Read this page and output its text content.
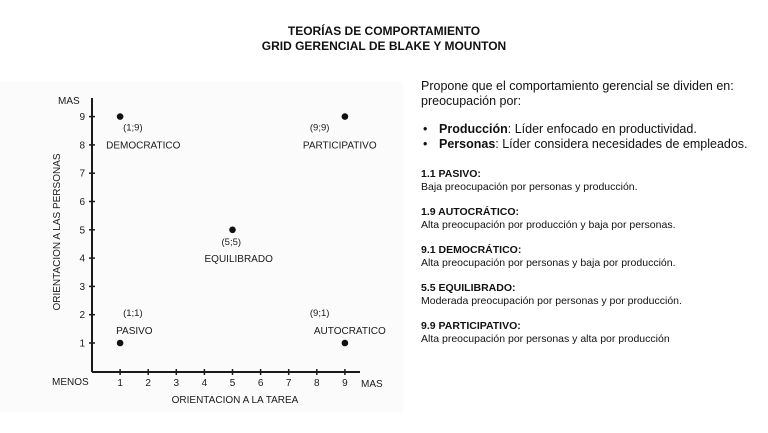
TEORÍAS DE COMPORTAMIENTO
GRID GERENCIAL DE BLAKE Y MOUNTON
1 2 3 4 5 6 7 8 9
1
2
3
4
5
6
7
8
9
MENOS	MAS
MAS
ORIENTACION A LA TAREA
ORIENTACION A LAS PERSONAS
(1;9)
DEMOCRATICO
(9;9)
PARTICIPATIVO
(5;5)
EQUILIBRADO
(1;1)
PASIVO
(9;1)
AUTOCRATICO

Propone que el comportamiento gerencial se dividen en: preocupación por:

• Producción: Líder enfocado en productividad.
• Personas: Líder considera necesidades de empleados.
1.1 PASIVO:
Baja preocupación por personas y producción.
1.9 AUTOCRÁTICO:
Alta preocupación por producción y baja por personas.
9.1 DEMOCRÁTICO:
Alta preocupación por personas y baja por producción.
5.5 EQUILIBRADO:
Moderada preocupación por personas y por producción.
9.9 PARTICIPATIVO:
Alta preocupación por personas y alta por producción
